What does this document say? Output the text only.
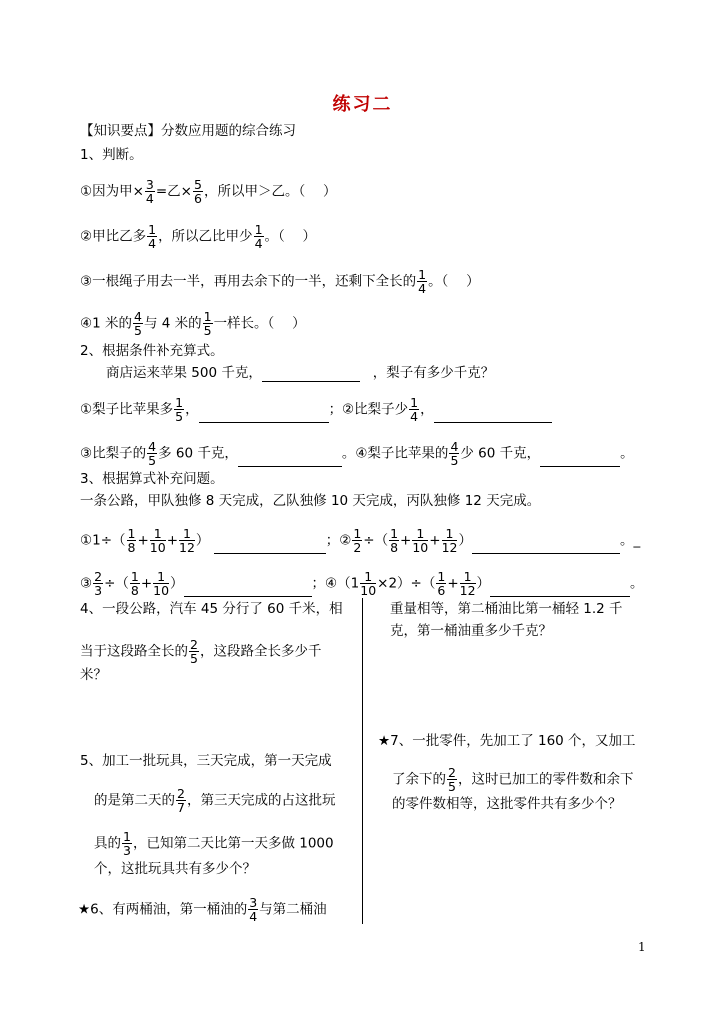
练习二
【知识要点】分数应用题的综合练习
1、判断。
①因为甲× $\frac{3}{4}$ =乙× $\frac{5}{6}$ ，所以甲＞乙。（　 ）
②甲比乙多 $\frac{1}{4}$ ，所以乙比甲少 $\frac{1}{4}$ 。（　 ）
③一根绳子用去一半，再用去余下的一半，还剩下全长的 $\frac{1}{4}$ 。（　 ）
④1 米的 $\frac{4}{5}$ 与 4 米的 $\frac{1}{5}$ 一样长。（　 ）
2、根据条件补充算式。
商店运来苹果 500 千克，	，梨子有多少千克？
①梨子比苹果多 $\frac{1}{5}$ ，	；②比梨子少 $\frac{1}{4}$ ，
③比梨子的 $\frac{4}{5}$ 多 60 千克，	。④梨子比苹果的 $\frac{4}{5}$ 少 60 千克，	。
3、根据算式补充问题。
一条公路，甲队独修 8 天完成，乙队独修 10 天完成，丙队独修 12 天完成。
①1÷（ $\frac{1}{8} + \frac{1}{10} + \frac{1}{12}$ ）	；② $\frac{1}{2}$ ÷（ $\frac{1}{8} + \frac{1}{10} + \frac{1}{12}$ ）	。_
③ $\frac{2}{3}$ ÷（ $\frac{1}{8} + \frac{1}{10}$ ）	；④（1 $\frac{1}{10} \times 2)\div( \frac{1}{6} + \frac{1}{12}$ ）	。
4、一段公路，汽车 45 分行了 60 千米，相
当于这段路全长的 $\frac{2}{5}$ ，这段路全长多少千
米？
重量相等，第二桶油比第一桶轻 1.2 千
克，第一桶油重多少千克？
5、加工一批玩具，三天完成，第一天完成
的是第二天的 $\frac{2}{7}$ ，第三天完成的占这批玩
具的 $\frac{1}{3}$ ，已知第二天比第一天多做 1000
个，这批玩具共有多少个？
★6、有两桶油，第一桶油的 $\frac{3}{4}$ 与第二桶油
★7、一批零件，先加工了 160 个，又加工
了余下的 $\frac{2}{5}$ ，这时已加工的零件数和余下
的零件数相等，这批零件共有多少个？
1
